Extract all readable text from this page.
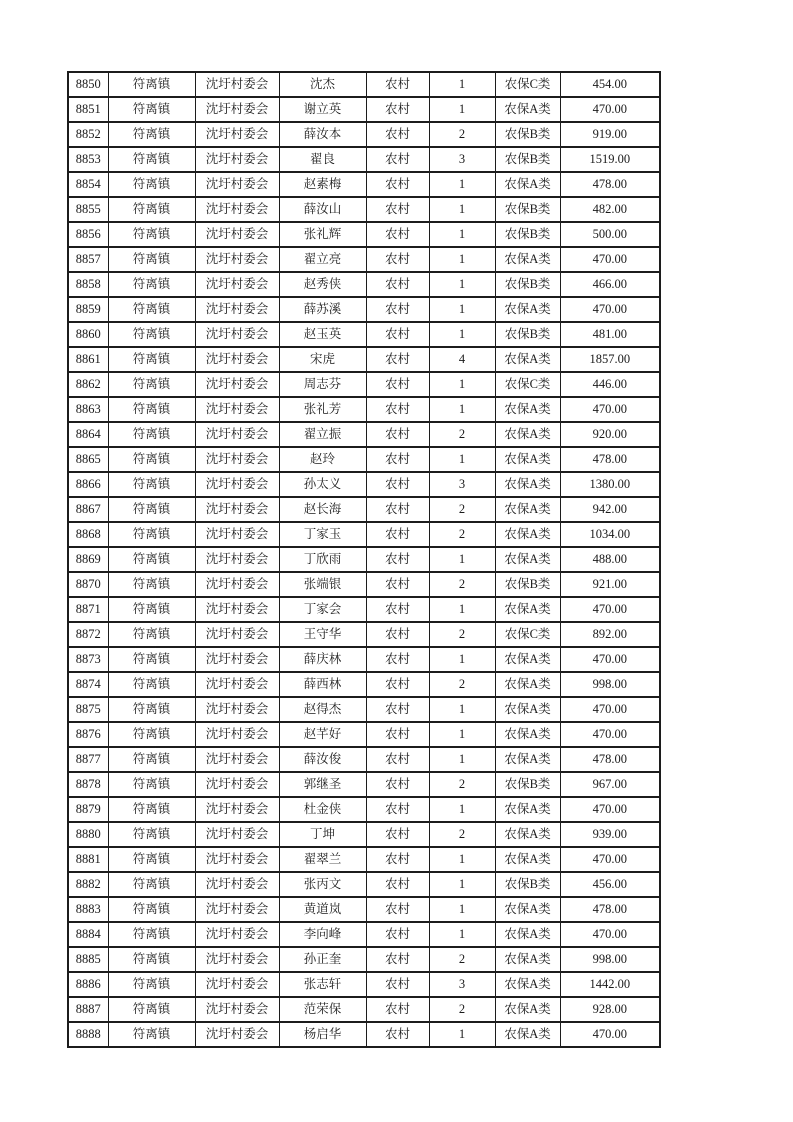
8850	符离镇	沈圩村委会	沈杰	农村	1	农保C类	454.00
8851	符离镇	沈圩村委会	谢立英	农村	1	农保A类	470.00
8852	符离镇	沈圩村委会	薛汝本	农村	2	农保B类	919.00
8853	符离镇	沈圩村委会	翟良	农村	3	农保B类	1519.00
8854	符离镇	沈圩村委会	赵素梅	农村	1	农保A类	478.00
8855	符离镇	沈圩村委会	薛汝山	农村	1	农保B类	482.00
8856	符离镇	沈圩村委会	张礼辉	农村	1	农保B类	500.00
8857	符离镇	沈圩村委会	翟立亮	农村	1	农保A类	470.00
8858	符离镇	沈圩村委会	赵秀侠	农村	1	农保B类	466.00
8859	符离镇	沈圩村委会	薛苏溪	农村	1	农保A类	470.00
8860	符离镇	沈圩村委会	赵玉英	农村	1	农保B类	481.00
8861	符离镇	沈圩村委会	宋虎	农村	4	农保A类	1857.00
8862	符离镇	沈圩村委会	周志芬	农村	1	农保C类	446.00
8863	符离镇	沈圩村委会	张礼芳	农村	1	农保A类	470.00
8864	符离镇	沈圩村委会	翟立振	农村	2	农保A类	920.00
8865	符离镇	沈圩村委会	赵玲	农村	1	农保A类	478.00
8866	符离镇	沈圩村委会	孙太义	农村	3	农保A类	1380.00
8867	符离镇	沈圩村委会	赵长海	农村	2	农保A类	942.00
8868	符离镇	沈圩村委会	丁家玉	农村	2	农保A类	1034.00
8869	符离镇	沈圩村委会	丁欣雨	农村	1	农保A类	488.00
8870	符离镇	沈圩村委会	张端银	农村	2	农保B类	921.00
8871	符离镇	沈圩村委会	丁家会	农村	1	农保A类	470.00
8872	符离镇	沈圩村委会	王守华	农村	2	农保C类	892.00
8873	符离镇	沈圩村委会	薛庆林	农村	1	农保A类	470.00
8874	符离镇	沈圩村委会	薛西林	农村	2	农保A类	998.00
8875	符离镇	沈圩村委会	赵得杰	农村	1	农保A类	470.00
8876	符离镇	沈圩村委会	赵芊好	农村	1	农保A类	470.00
8877	符离镇	沈圩村委会	薛汝俊	农村	1	农保A类	478.00
8878	符离镇	沈圩村委会	郭继圣	农村	2	农保B类	967.00
8879	符离镇	沈圩村委会	杜金侠	农村	1	农保A类	470.00
8880	符离镇	沈圩村委会	丁坤	农村	2	农保A类	939.00
8881	符离镇	沈圩村委会	翟翠兰	农村	1	农保A类	470.00
8882	符离镇	沈圩村委会	张丙文	农村	1	农保B类	456.00
8883	符离镇	沈圩村委会	黄道岚	农村	1	农保A类	478.00
8884	符离镇	沈圩村委会	李向峰	农村	1	农保A类	470.00
8885	符离镇	沈圩村委会	孙正奎	农村	2	农保A类	998.00
8886	符离镇	沈圩村委会	张志轩	农村	3	农保A类	1442.00
8887	符离镇	沈圩村委会	范荣保	农村	2	农保A类	928.00
8888	符离镇	沈圩村委会	杨启华	农村	1	农保A类	470.00
